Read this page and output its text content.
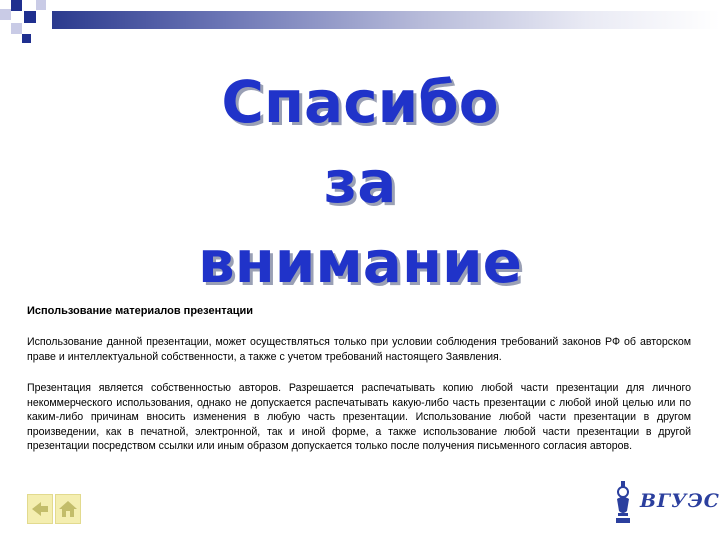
Спасибо
за
внимание

Использование материалов презентации

Использование данной презентации, может осуществляться только при условии соблюдения требований законов РФ об авторском праве и интеллектуальной собственности, а также с учетом требований настоящего Заявления.

Презентация является собственностью авторов. Разрешается распечатывать копию любой части презентации для личного некоммерческого использования, однако не допускается распечатывать какую-либо часть презентации с любой иной целью или по каким-либо причинам вносить изменения в любую часть презентации. Использование любой части презентации в другом произведении, как в печатной, электронной, так и иной форме, а также использование любой части презентации в другой презентации посредством ссылки или иным образом допускается только после получения письменного согласия авторов.

ВГУЭС
